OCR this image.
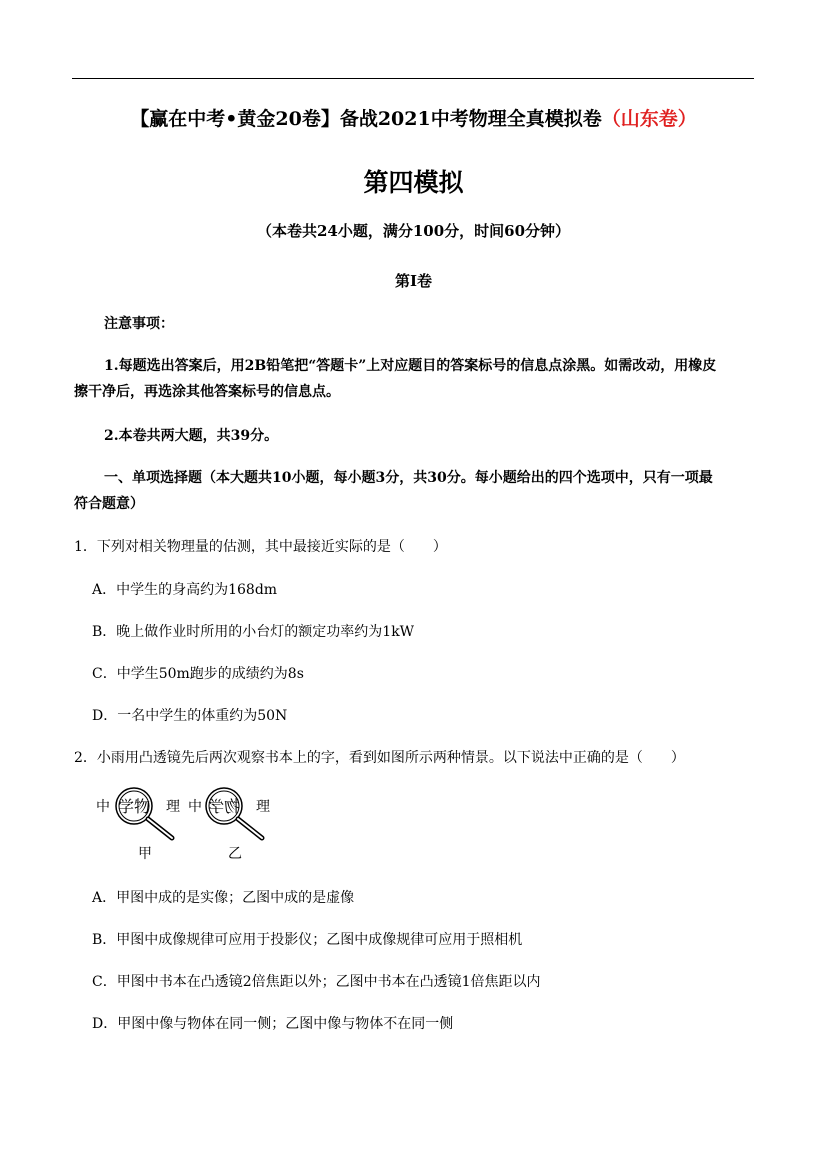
【赢在中考•黄金20卷】备战2021中考物理全真模拟卷（山东卷）
第四模拟
（本卷共24小题，满分100分，时间60分钟）
第I卷
注意事项：
1.每题选出答案后，用2B铅笔把“答题卡”上对应题目的答案标号的信息点涂黑。如需改动，用橡皮
擦干净后，再选涂其他答案标号的信息点。
2.本卷共两大题，共39分。
一、单项选择题（本大题共10小题，每小题3分，共30分。每小题给出的四个选项中，只有一项最
符合题意）
1．下列对相关物理量的估测，其中最接近实际的是（　　）
A．中学生的身高约为168dm
B．晚上做作业时所用的小台灯的额定功率约为1kW
C．中学生50m跑步的成绩约为8s
D．一名中学生的体重约为50N
2．小雨用凸透镜先后两次观察书本上的字，看到如图所示两种情景。以下说法中正确的是（　　）
中 学物 理
甲
中 物学 理
乙
A．甲图中成的是实像；乙图中成的是虚像
B．甲图中成像规律可应用于投影仪；乙图中成像规律可应用于照相机
C．甲图中书本在凸透镜2倍焦距以外；乙图中书本在凸透镜1倍焦距以内
D．甲图中像与物体在同一侧；乙图中像与物体不在同一侧
